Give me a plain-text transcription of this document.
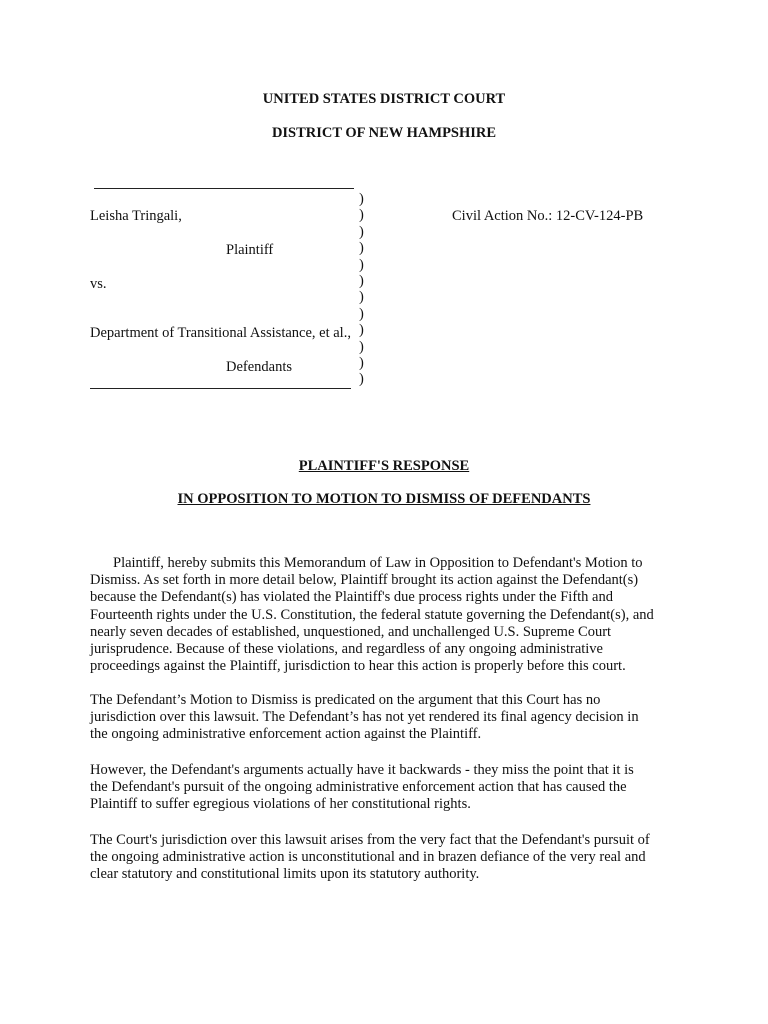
UNITED STATES DISTRICT COURT
DISTRICT OF NEW HAMPSHIRE
Leisha Tringali,
Plaintiff
vs.
Department of Transitional Assistance, et al.,
Defendants
)
)
)
)
)
)
)
)
)
)
)
)
Civil Action No.: 12-CV-124-PB
PLAINTIFF'S RESPONSE
IN OPPOSITION TO MOTION TO DISMISS OF DEFENDANTS
Plaintiff, hereby submits this Memorandum of Law in Opposition to Defendant's Motion to
Dismiss. As set forth in more detail below, Plaintiff brought its action against the Defendant(s)
because the Defendant(s) has violated the Plaintiff's due process rights under the Fifth and
Fourteenth rights under the U.S. Constitution, the federal statute governing the Defendant(s), and
nearly seven decades of established, unquestioned, and unchallenged U.S. Supreme Court
jurisprudence. Because of these violations, and regardless of any ongoing administrative
proceedings against the Plaintiff, jurisdiction to hear this action is properly before this court.
The Defendant’s Motion to Dismiss is predicated on the argument that this Court has no
jurisdiction over this lawsuit. The Defendant’s has not yet rendered its final agency decision in
the ongoing administrative enforcement action against the Plaintiff.
However, the Defendant's arguments actually have it backwards - they miss the point that it is
the Defendant's pursuit of the ongoing administrative enforcement action that has caused the
Plaintiff to suffer egregious violations of her constitutional rights.
The Court's jurisdiction over this lawsuit arises from the very fact that the Defendant's pursuit of
the ongoing administrative action is unconstitutional and in brazen defiance of the very real and
clear statutory and constitutional limits upon its statutory authority.
